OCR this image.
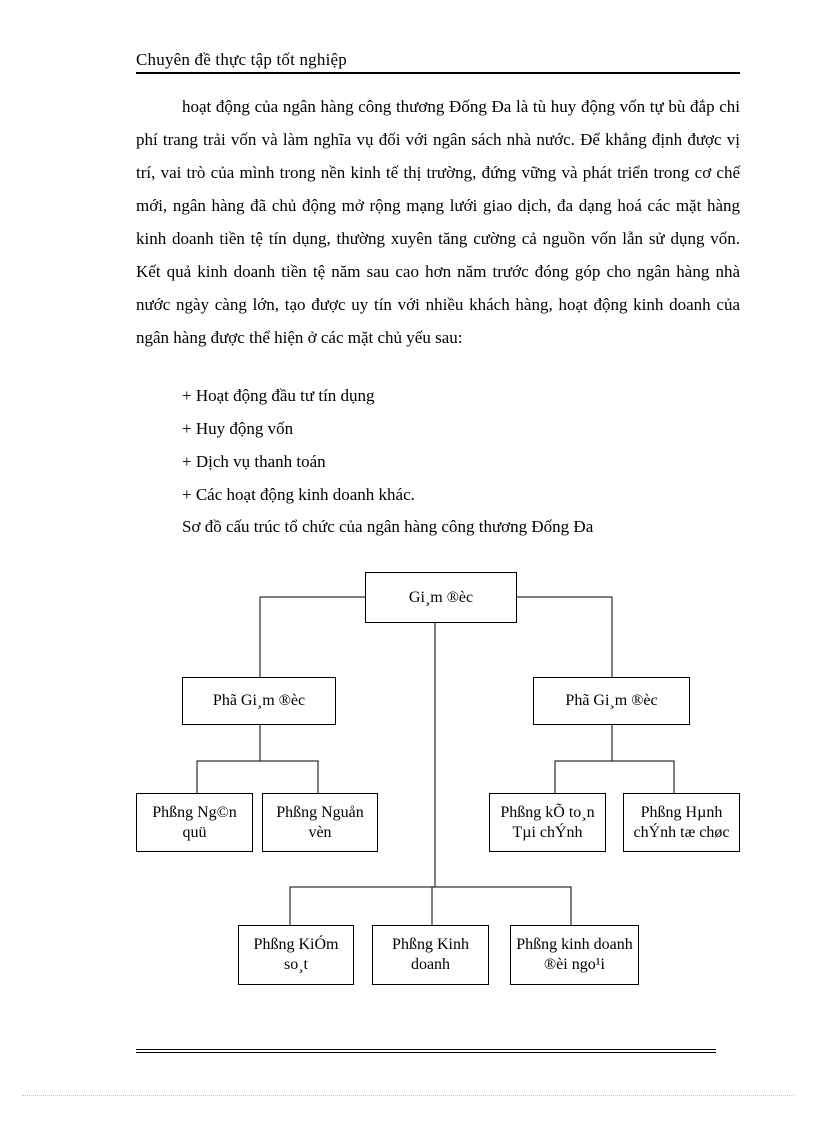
Chuyên đề thực tập tốt nghiệp
hoạt động của ngân hàng công thương Đống Đa là tù huy động vốn tự bù đắp chi phí trang trải vốn và làm nghĩa vụ đối với ngân sách nhà nước. Để khẳng định được vị trí, vai trò của mình trong nền kinh tế thị trường, đứng vững và phát triển trong cơ chế mới, ngân hàng đã chủ động mở rộng mạng lưới giao dịch, đa dạng hoá các mặt hàng kinh doanh tiền tệ tín dụng, thường xuyên tăng cường cả nguồn vốn lẫn sử dụng vốn. Kết quả kinh doanh tiền tệ năm sau cao hơn năm trước đóng góp cho ngân hàng nhà nước ngày càng lớn, tạo được uy tín với nhiều khách hàng, hoạt động kinh doanh của ngân hàng được thể hiện ở các mặt chủ yếu sau:
+ Hoạt động đầu tư tín dụng
+ Huy động vốn
+ Dịch vụ thanh toán
+ Các hoạt động kinh doanh khác.
Sơ đồ cấu trúc tổ chức của ngân hàng công thương Đống Đa
Gi¸m ®èc
Phã Gi¸m ®èc	Phã Gi¸m ®èc
Phßng Ng©n quü
Phßng Nguån vèn
Phßng kÕ to¸n Tµi chÝnh
Phßng Hµnh chÝnh tæ chøc
Phßng KiÓm so¸t
Phßng Kinh doanh
Phßng kinh doanh ®èi ngo¹i
